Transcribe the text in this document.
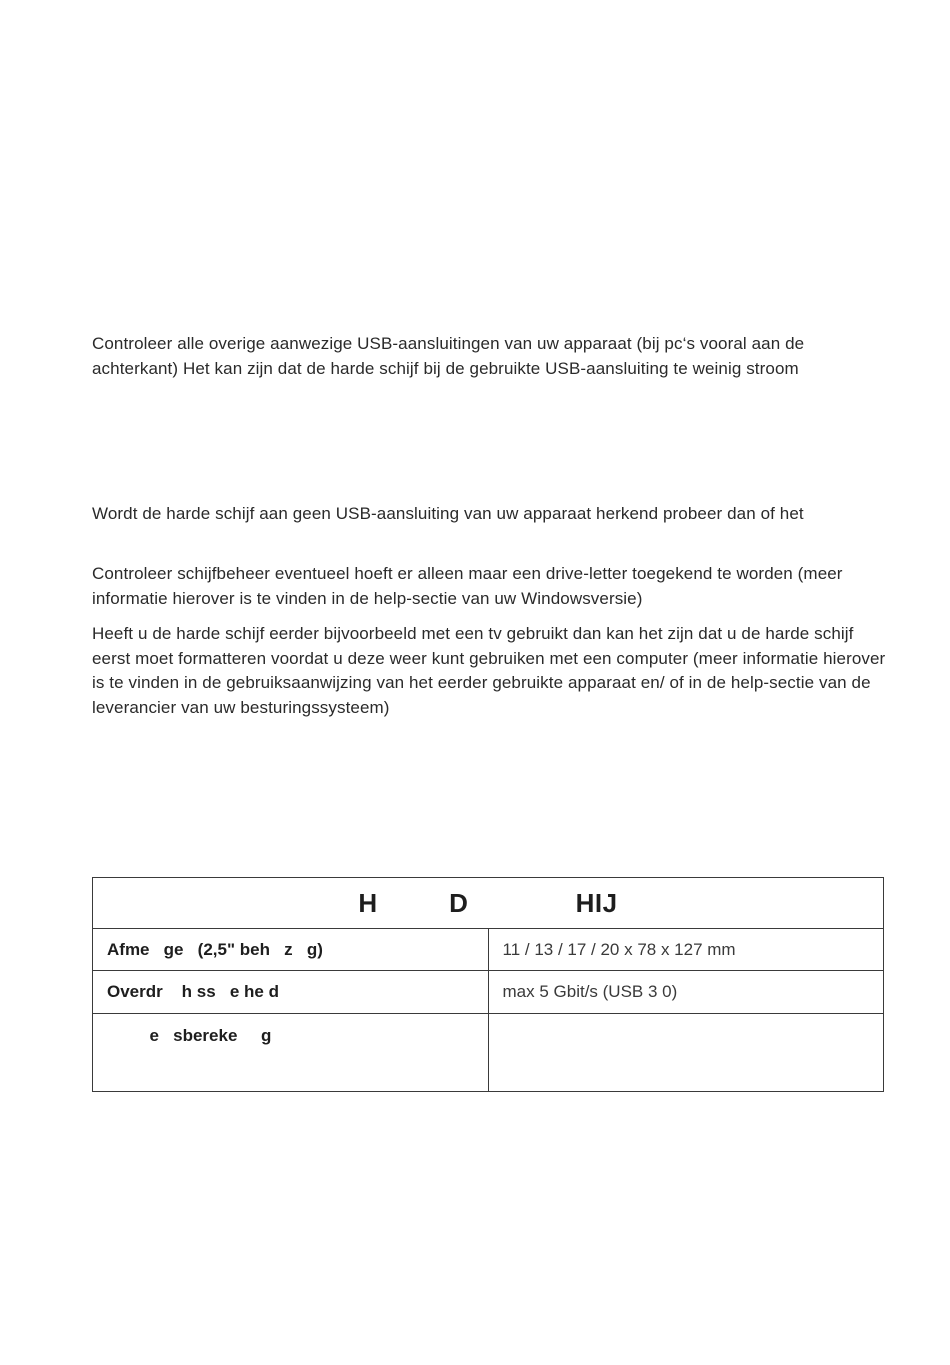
Controleer alle overige aanwezige USB-aansluitingen van uw apparaat (bij pc‘s vooral aan de achterkant) Het kan zijn dat de harde schijf bij de gebruikte USB-aansluiting te weinig stroom

Wordt de harde schijf aan geen USB-aansluiting van uw apparaat herkend probeer dan of het

Controleer schijfbeheer eventueel hoeft er alleen maar een drive-letter toegekend te worden (meer informatie hierover is te vinden in de help-sectie van uw Windowsversie)

Heeft u de harde schijf eerder bijvoorbeeld met een tv gebruikt dan kan het zijn dat u de harde schijf eerst moet formatteren voordat u deze weer kunt gebruiken met een computer (meer informatie hierover is te vinden in de gebruiksaanwijzing van het eerder gebruikte apparaat en/ of in de help-sectie van de leverancier van uw besturingssysteem)

H  D   HIJ	
Afme   ge   (2,5" beh   z   g)	11 / 13 / 17 / 20 x 78 x 127 mm
Overdr    h ss   e he d	max 5 Gbit/s (USB 3 0)
e   sbereke     g	
